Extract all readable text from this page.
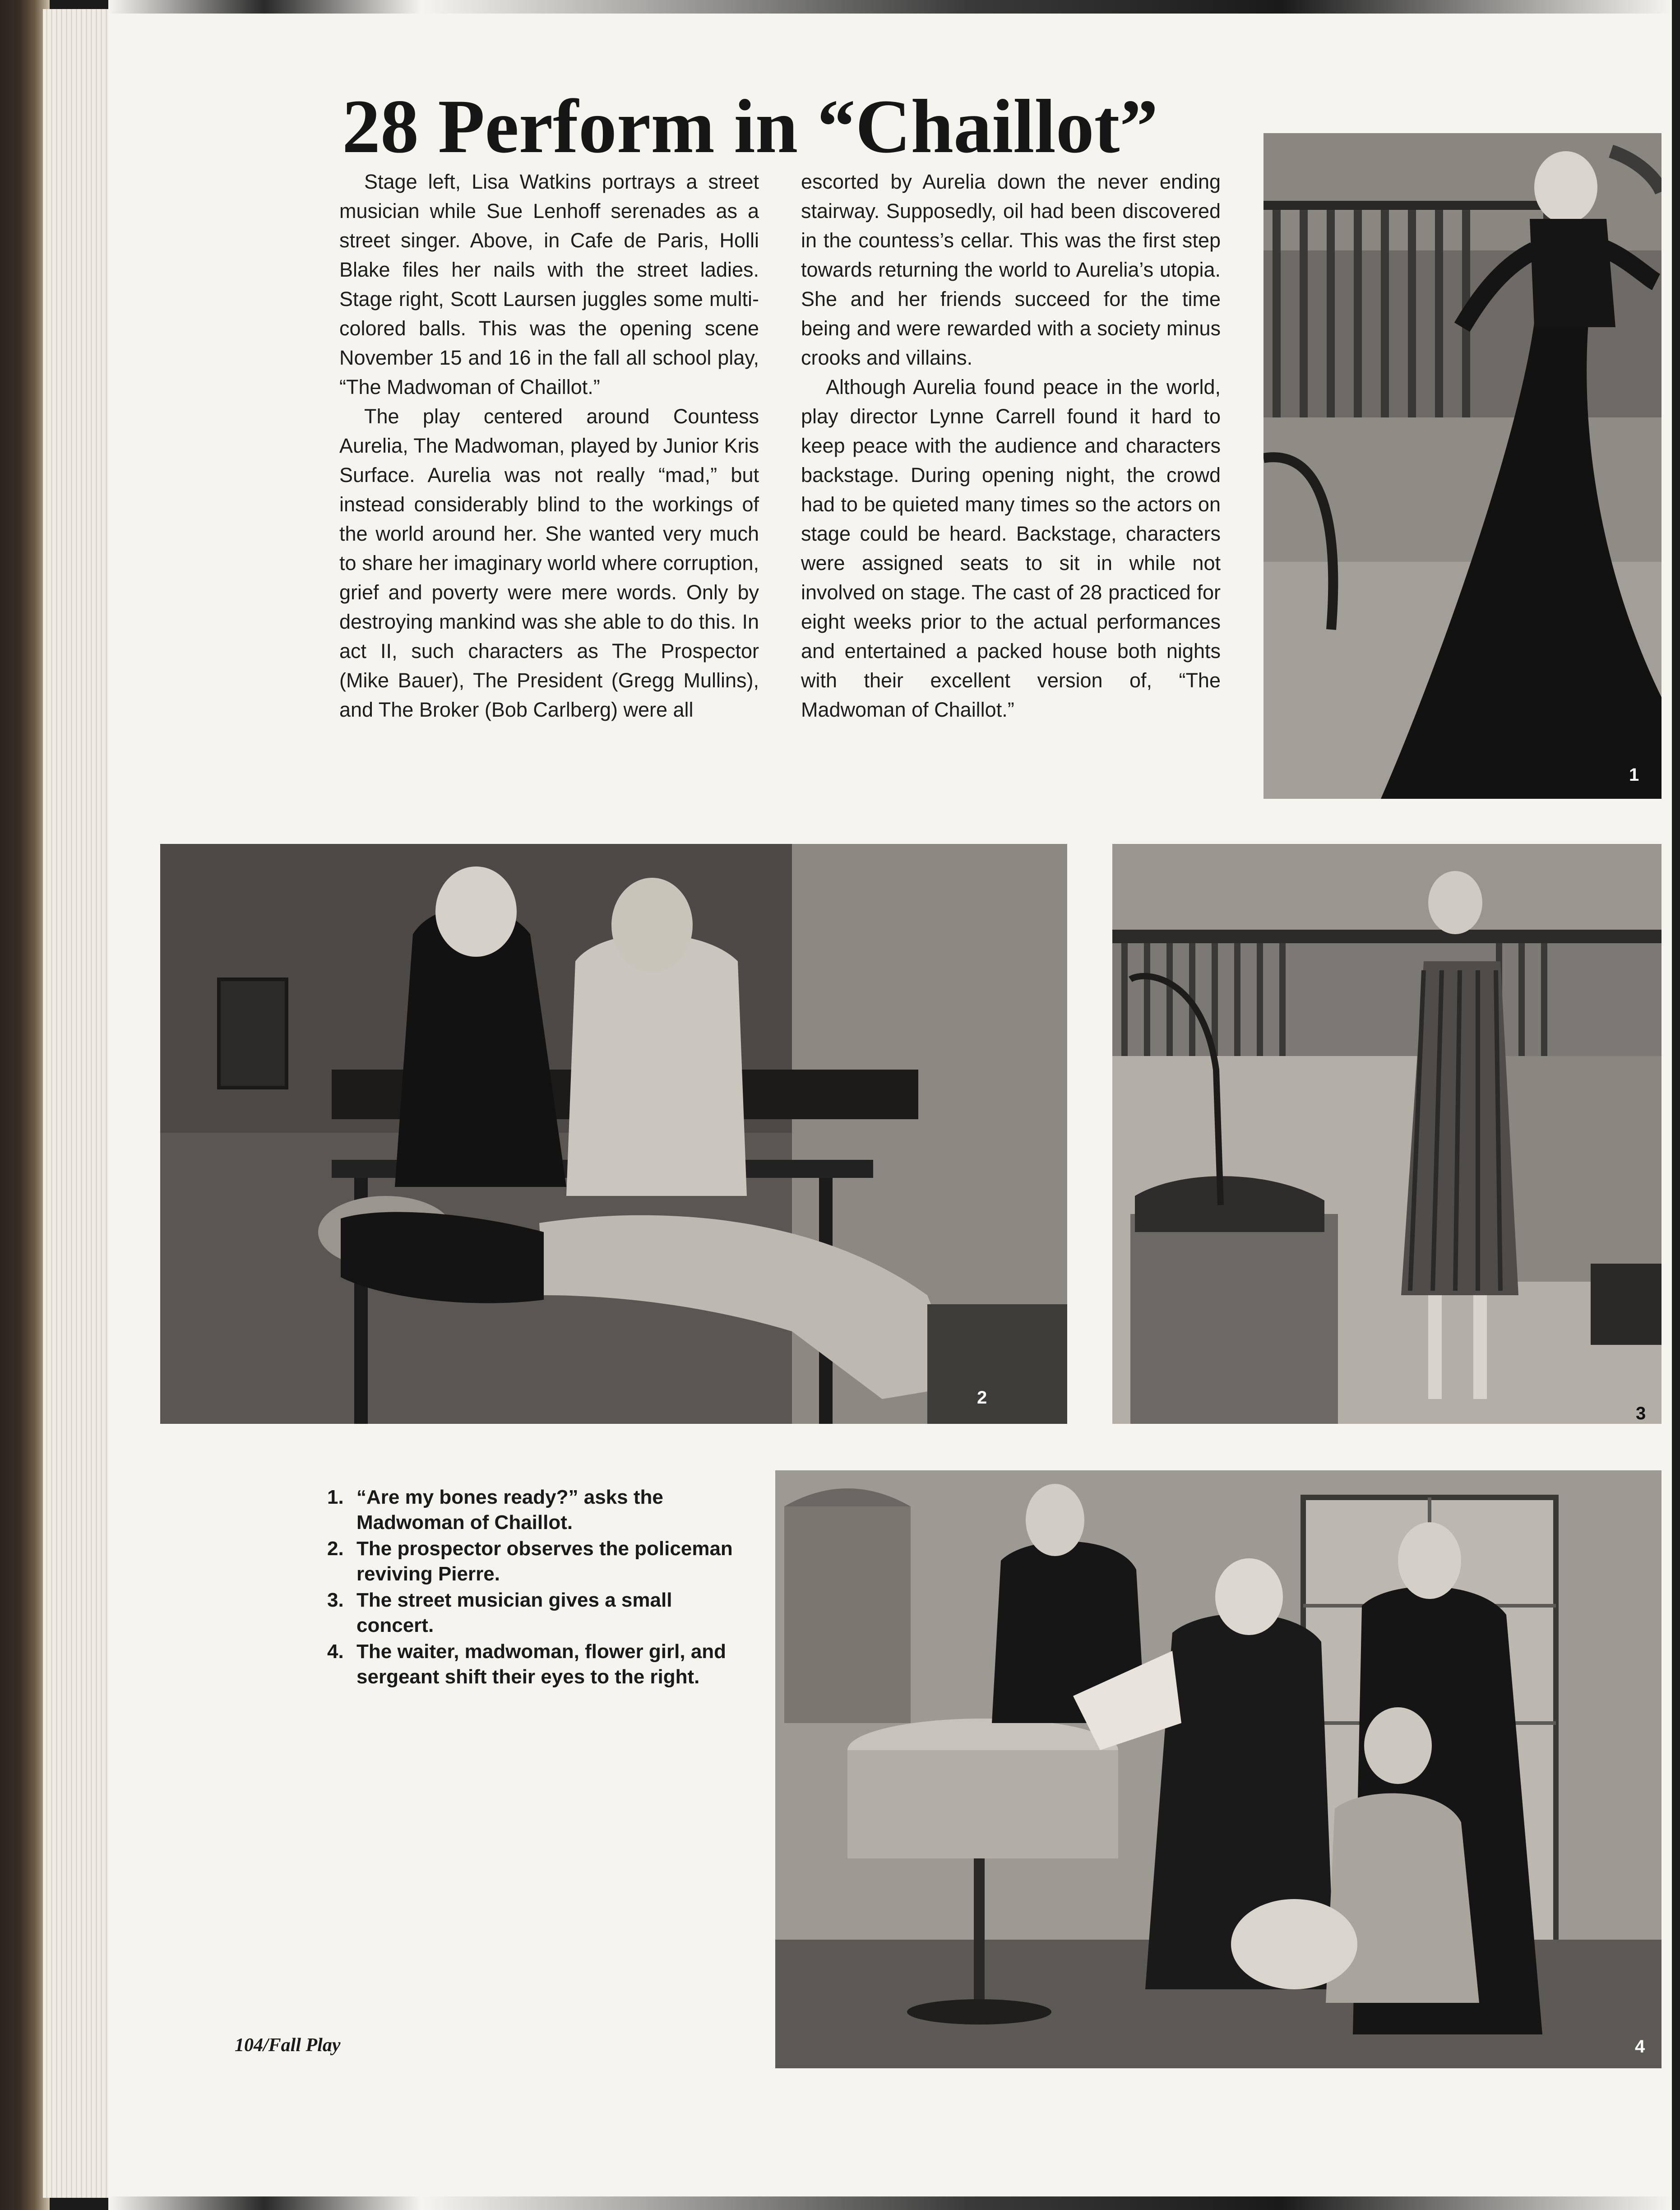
28 Perform in “Chaillot”

Stage left, Lisa Watkins portrays a street musician while Sue Lenhoff serenades as a street singer. Above, in Cafe de Paris, Holli Blake files her nails with the street ladies. Stage right, Scott Laursen juggles some multi-colored balls. This was the opening scene November 15 and 16 in the fall all school play, “The Madwoman of Chaillot.”

The play centered around Countess Aurelia, The Madwoman, played by Junior Kris Surface. Aurelia was not really “mad,” but instead considerably blind to the workings of the world around her. She wanted very much to share her imaginary world where corruption, grief and poverty were mere words. Only by destroying mankind was she able to do this. In act II, such characters as The Prospector (Mike Bauer), The President (Gregg Mullins), and The Broker (Bob Carlberg) were all

escorted by Aurelia down the never ending stairway. Supposedly, oil had been discovered in the countess’s cellar. This was the first step towards returning the world to Aurelia’s utopia. She and her friends succeed for the time being and were rewarded with a society minus crooks and villains.

Although Aurelia found peace in the world, play director Lynne Carrell found it hard to keep peace with the audience and characters backstage. During opening night, the crowd had to be quieted many times so the actors on stage could be heard. Backstage, characters were assigned seats to sit in while not involved on stage. The cast of 28 practiced for eight weeks prior to the actual performances and entertained a packed house both nights with their excellent version of, “The Madwoman of Chaillot.”

1
2
3
4
1. “Are my bones ready?” asks the Madwoman of Chaillot.
2. The prospector observes the policeman reviving Pierre.
3. The street musician gives a small concert.
4. The waiter, madwoman, flower girl, and sergeant shift their eyes to the right.
104/Fall Play
